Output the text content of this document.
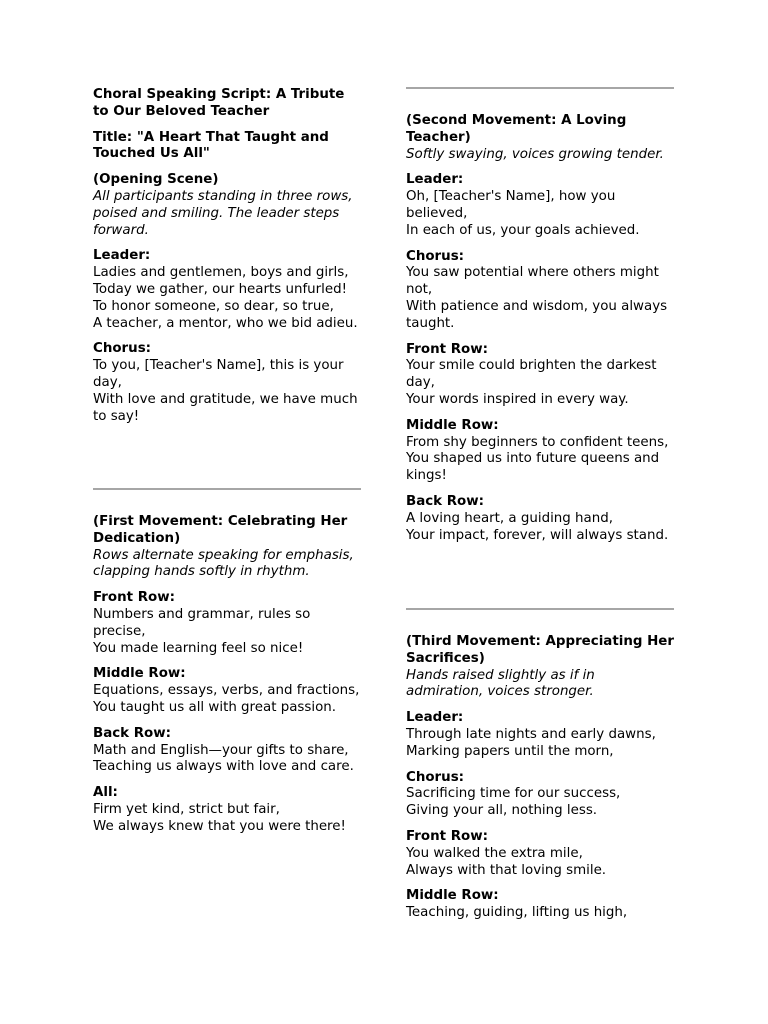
Choral Speaking Script: A Tribute to Our Beloved Teacher

Title: "A Heart That Taught and Touched Us All"

(Opening Scene)
All participants standing in three rows, poised and smiling. The leader steps forward.
Leader:
Ladies and gentlemen, boys and girls,
Today we gather, our hearts unfurled!
To honor someone, so dear, so true,
A teacher, a mentor, who we bid adieu.
Chorus:
To you, [Teacher's Name], this is your day,
With love and gratitude, we have much to say!
(First Movement: Celebrating Her Dedication)
Rows alternate speaking for emphasis, clapping hands softly in rhythm.
Front Row:
Numbers and grammar, rules so precise,
You made learning feel so nice!
Middle Row:
Equations, essays, verbs, and fractions,
You taught us all with great passion.
Back Row:
Math and English—your gifts to share,
Teaching us always with love and care.
All:
Firm yet kind, strict but fair,
We always knew that you were there!
(Second Movement: A Loving Teacher)
Softly swaying, voices growing tender.
Leader:
Oh, [Teacher's Name], how you believed,
In each of us, your goals achieved.
Chorus:
You saw potential where others might not,
With patience and wisdom, you always taught.
Front Row:
Your smile could brighten the darkest day,
Your words inspired in every way.
Middle Row:
From shy beginners to confident teens,
You shaped us into future queens and kings!
Back Row:
A loving heart, a guiding hand,
Your impact, forever, will always stand.
(Third Movement: Appreciating Her Sacrifices)
Hands raised slightly as if in admiration, voices stronger.
Leader:
Through late nights and early dawns,
Marking papers until the morn,
Chorus:
Sacrificing time for our success,
Giving your all, nothing less.
Front Row:
You walked the extra mile,
Always with that loving smile.
Middle Row:
Teaching, guiding, lifting us high,
